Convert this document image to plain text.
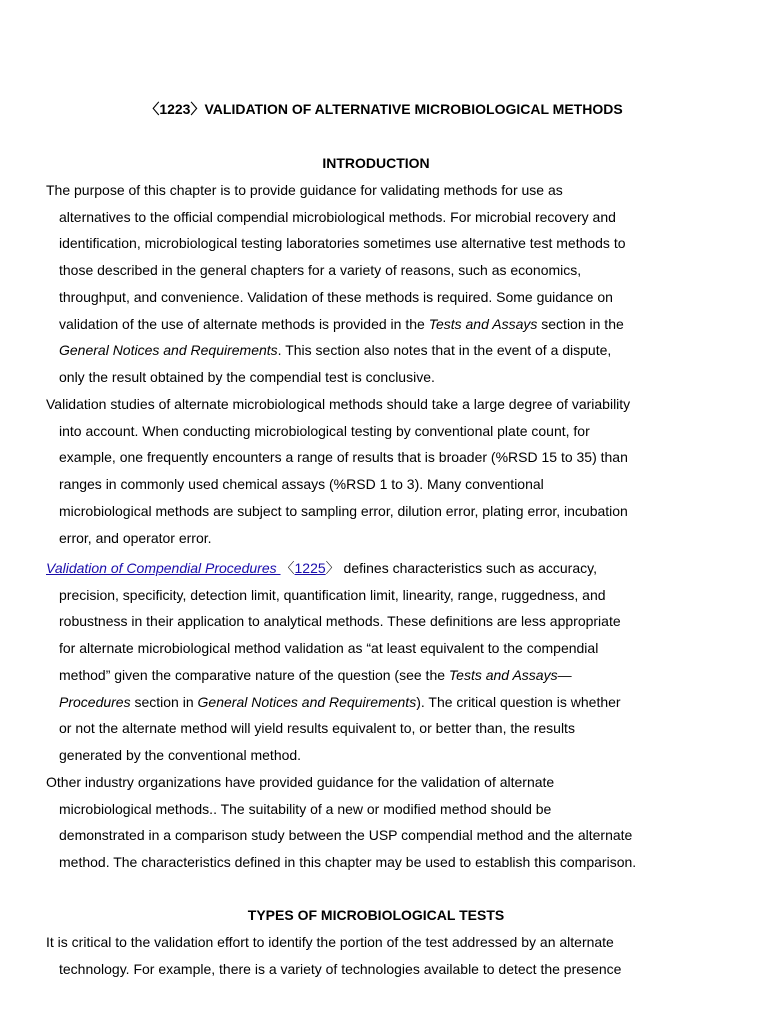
〈1223〉VALIDATION OF ALTERNATIVE MICROBIOLOGICAL METHODS
INTRODUCTION
The purpose of this chapter is to provide guidance for validating methods for use as
alternatives to the official compendial microbiological methods. For microbial recovery and
identification, microbiological testing laboratories sometimes use alternative test methods to
those described in the general chapters for a variety of reasons, such as economics,
throughput, and convenience. Validation of these methods is required. Some guidance on
validation of the use of alternate methods is provided in the Tests and Assays section in the
General Notices and Requirements. This section also notes that in the event of a dispute,
only the result obtained by the compendial test is conclusive.
Validation studies of alternate microbiological methods should take a large degree of variability
into account. When conducting microbiological testing by conventional plate count, for
example, one frequently encounters a range of results that is broader (%RSD 15 to 35) than
ranges in commonly used chemical assays (%RSD 1 to 3). Many conventional
microbiological methods are subject to sampling error, dilution error, plating error, incubation
error, and operator error.
Validation of Compendial Procedures 〈1225〉 defines characteristics such as accuracy,
precision, specificity, detection limit, quantification limit, linearity, range, ruggedness, and
robustness in their application to analytical methods. These definitions are less appropriate
for alternate microbiological method validation as “at least equivalent to the compendial
method” given the comparative nature of the question (see the Tests and Assays—
Procedures section in General Notices and Requirements). The critical question is whether
or not the alternate method will yield results equivalent to, or better than, the results
generated by the conventional method.
Other industry organizations have provided guidance for the validation of alternate
microbiological methods.. The suitability of a new or modified method should be
demonstrated in a comparison study between the USP compendial method and the alternate
method. The characteristics defined in this chapter may be used to establish this comparison.
TYPES OF MICROBIOLOGICAL TESTS
It is critical to the validation effort to identify the portion of the test addressed by an alternate
technology. For example, there is a variety of technologies available to detect the presence
